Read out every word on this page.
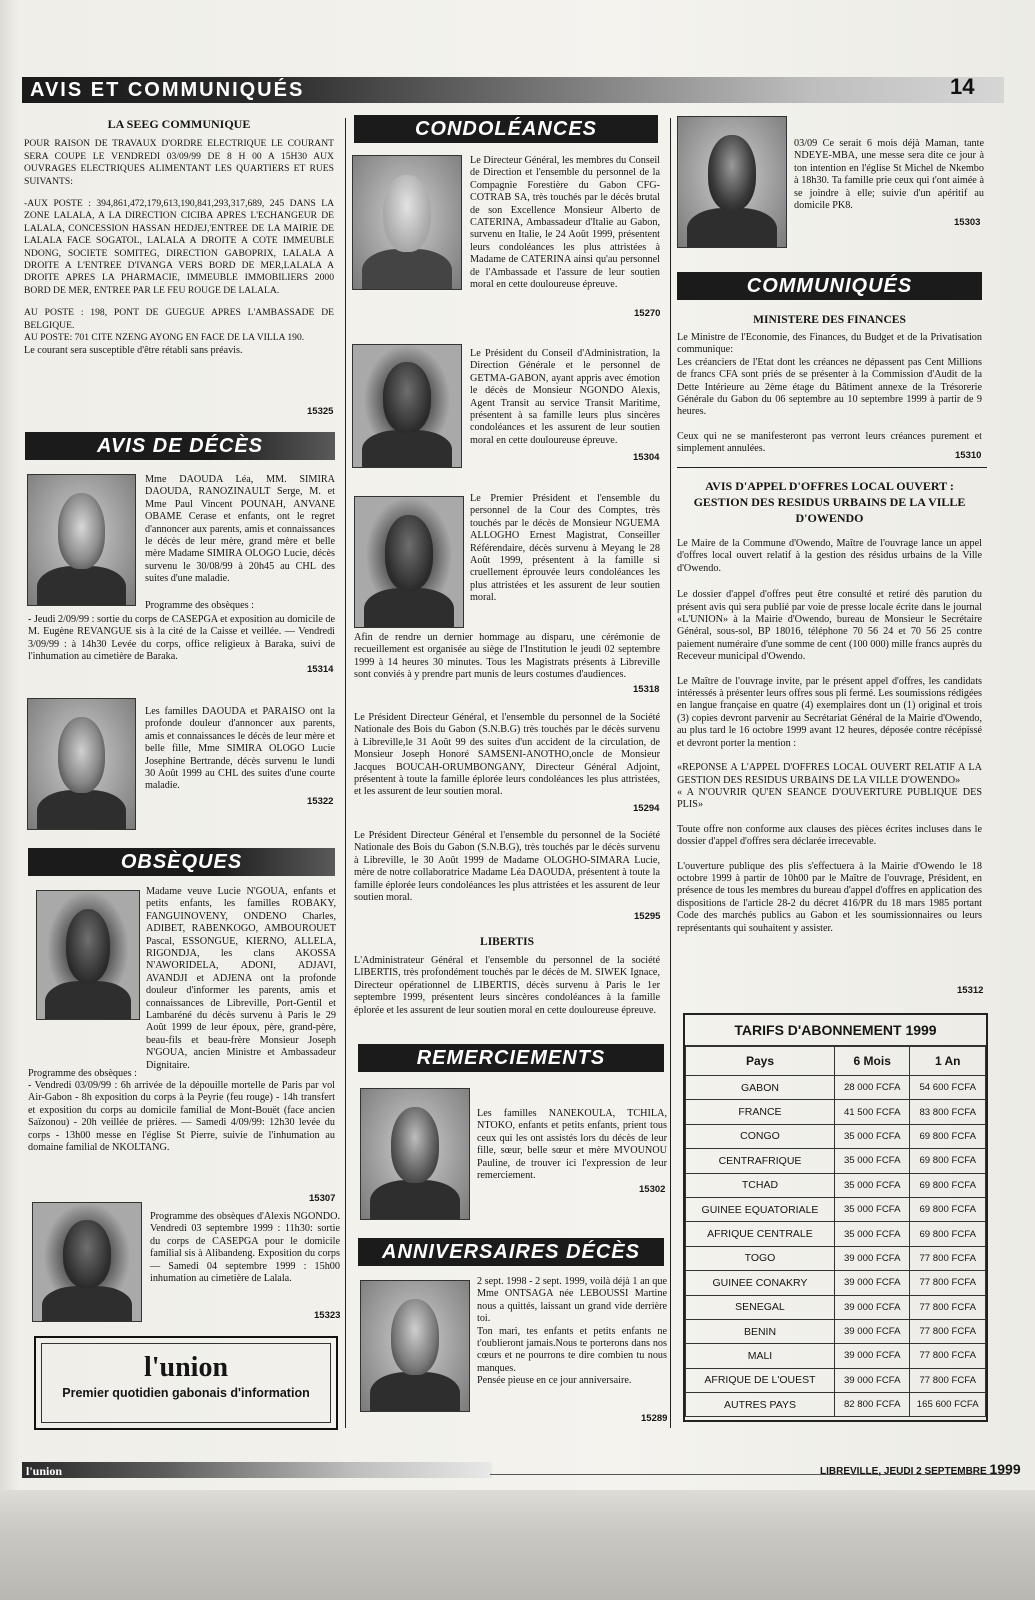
AVIS ET COMMUNIQUÉS	14

LA SEEG COMMUNIQUE

POUR RAISON DE TRAVAUX D'ORDRE ELECTRIQUE LE COURANT SERA COUPE LE VENDREDI 03/09/99 DE 8 H 00 A 15H30 AUX OUVRAGES ELECTRIQUES ALIMENTANT LES QUARTIERS ET RUES SUIVANTS:

-AUX POSTE : 394,861,472,179,613,190,841,293,317,689, 245 DANS LA ZONE LALALA, A LA DIRECTION CICIBA APRES L'ECHANGEUR DE LALALA, CONCESSION HASSAN HEDJEJ,'ENTREE DE LA MAIRIE DE LALALA FACE SOGATOL, LALALA A DROITE A COTE IMMEUBLE NDONG, SOCIETE SOMITEG, DIRECTION GABOPRIX, LALALA A DROITE A L'ENTREE D'IVANGA VERS BORD DE MER,LALALA A DROITE APRES LA PHARMACIE, IMMEUBLE IMMOBILIERS 2000 BORD DE MER, ENTREE PAR LE FEU ROUGE DE LALALA.

AU POSTE : 198, PONT DE GUEGUE APRES L'AMBASSADE DE BELGIQUE.

AU POSTE: 701 CITE NZENG AYONG EN FACE DE LA VILLA 190.

Le courant sera susceptible d'être rétabli sans préavis.

15325
AVIS DE DÉCÈS
Mme DAOUDA Léa, MM. SIMIRA DAOUDA, RANOZINAULT Serge, M. et Mme Paul Vincent POUNAH, ANVANE OBAME Cerase et enfants, ont le regret d'annoncer aux parents, amis et connaissances le décès de leur mère, grand mère et belle mère Madame SIMIRA OLOGO Lucie, décès survenu le 30/08/99 à 20h45 au CHL des suites d'une maladie.
Programme des obsèques :
- Jeudi 2/09/99 : sortie du corps de CASEPGA et exposition au domicile de M. Eugène REVANGUE sis à la cité de la Caisse et veillée. — Vendredi 3/09/99 : à 14h30 Levée du corps, office religieux à Baraka, suivi de l'inhumation au cimetière de Baraka.
15314
Les familles DAOUDA et PARAISO ont la profonde douleur d'annoncer aux parents, amis et connaissances le décès de leur mère et belle fille, Mme SIMIRA OLOGO Lucie Josephine Bertrande, décès survenu le lundi 30 Août 1999 au CHL des suites d'une courte maladie.
15322
OBSÈQUES
Madame veuve Lucie N'GOUA, enfants et petits enfants, les familles ROBAKY, FANGUINOVENY, ONDENO Charles, ADIBET, RABENKOGO, AMBOUROUET Pascal, ESSONGUE, KIERNO, ALLELA, RIGONDJA, les clans AKOSSA N'AWORIDELA, ADONI, ADJAVI, AVANDJI et ADJENA ont la profonde douleur d'informer les parents, amis et connaissances de Libreville, Port-Gentil et Lambaréné du décès survenu à Paris le 29 Août 1999 de leur époux, père, grand-père, beau-fils et beau-frère Monsieur Joseph N'GOUA, ancien Ministre et Ambassadeur Dignitaire.
Programme des obsèques :
- Vendredi 03/09/99 : 6h arrivée de la dépouille mortelle de Paris par vol Air-Gabon - 8h exposition du corps à la Peyrie (feu rouge) - 14h transfert et exposition du corps au domicile familial de Mont-Bouët (face ancien Saïzonou) - 20h veillée de prières. — Samedi 4/09/99: 12h30 levée du corps - 13h00 messe en l'église St Pierre, suivie de l'inhumation au domaine familial de NKOLTANG.
15307
Programme des obsèques d'Alexis NGONDO. Vendredi 03 septembre 1999 : 11h30: sortie du corps de CASEPGA pour le domicile familial sis à Alibandeng. Exposition du corps— Samedi 04 septembre 1999 : 15h00 inhumation au cimetière de Lalala.
15323
l'union
Premier quotidien gabonais d'information
CONDOLÉANCES

Le Directeur Général, les membres du Conseil de Direction et l'ensemble du personnel de la Compagnie Forestière du Gabon CFG-COTRAB SA, très touchés par le décès brutal de son Excellence Monsieur Alberto de CATERINA, Ambassadeur d'Italie au Gabon, survenu en Italie, le 24 Août 1999, présentent leurs condoléances les plus attristées à Madame de CATERINA ainsi qu'au personnel de l'Ambassade et l'assure de leur soutien moral en cette douloureuse épreuve.

15270
Le Président du Conseil d'Administration, la Direction Générale et le personnel de GETMA-GABON, ayant appris avec émotion le décès de Monsieur NGONDO Alexis, Agent Transit au service Transit Maritime, présentent à sa famille leurs plus sincères condoléances et les assurent de leur soutien moral en cette douloureuse épreuve.
15304
Le Premier Président et l'ensemble du personnel de la Cour des Comptes, très touchés par le décès de Monsieur NGUEMA ALLOGHO Ernest Magistrat, Conseiller Référendaire, décès survenu à Meyang le 28 Août 1999, présentent à la famille si cruellement éprouvée leurs condoléances les plus attristées et les assurent de leur soutien moral.
Afin de rendre un dernier hommage au disparu, une cérémonie de recueillement est organisée au siège de l'Institution le jeudi 02 septembre 1999 à 14 heures 30 minutes. Tous les Magistrats présents à Libreville sont conviés à y prendre part munis de leurs costumes d'audiences.
15318
Le Président Directeur Général, et l'ensemble du personnel de la Société Nationale des Bois du Gabon (S.N.B.G) très touchés par le décès survenu à Libreville,le 31 Août 99 des suites d'un accident de la circulation, de Monsieur Joseph Honoré SAMSENI-ANOTHO,oncle de Monsieur Jacques BOUCAH-ORUMBONGANY, Directeur Général Adjoint, présentent à toute la famille éplorée leurs condoléances les plus attristées, et les assurent de leur soutien moral.
15294
Le Président Directeur Général et l'ensemble du personnel de la Société Nationale des Bois du Gabon (S.N.B.G), très touchés par le décès survenu à Libreville, le 30 Août 1999 de Madame OLOGHO-SIMARA Lucie, mère de notre collaboratrice Madame Léa DAOUDA, présentent à toute la famille éplorée leurs condoléances les plus attristées et les assurent de leur soutien moral.
15295
LIBERTIS
L'Administrateur Général et l'ensemble du personnel de la société LIBERTIS, très profondément touchés par le décès de M. SIWEK Ignace, Directeur opérationnel de LIBERTIS, décès survenu à Paris le 1er septembre 1999, présentent leurs sincères condoléances à la famille éplorée et les assurent de leur soutien moral en cette douloureuse épreuve.
REMERCIEMENTS
Les familles NANEKOULA, TCHILA, NTOKO, enfants et petits enfants, prient tous ceux qui les ont assistés lors du décès de leur fille, sœur, belle sœur et mère MVOUNOU Pauline, de trouver ici l'expression de leur remerciement.
15302
ANNIVERSAIRES DÉCÈS

2 sept. 1998 - 2 sept. 1999, voilà déjà 1 an que Mme ONTSAGA née LEBOUSSI Martine nous a quittés, laissant un grand vide derrière toi.

Ton mari, tes enfants et petits enfants ne t'oublieront jamais.Nous te porterons dans nos cœurs et ne pourrons te dire combien tu nous manques.

Pensée pieuse en ce jour anniversaire.

15289
03/09 Ce serait 6 mois déjà Maman, tante NDEYE-MBA, une messe sera dite ce jour à ton intention en l'église St Michel de Nkembo à 18h30. Ta famille prie ceux qui t'ont aimée à se joindre à elle; suivie d'un apéritif au domicile PK8.
15303
COMMUNIQUÉS
MINISTERE DES FINANCES

Le Ministre de l'Economie, des Finances, du Budget et de la Privatisation communique:

Les créanciers de l'Etat dont les créances ne dépassent pas Cent Millions de francs CFA sont priés de se présenter à la Commission d'Audit de la Dette Intérieure au 2ème étage du Bâtiment annexe de la Trésorerie Générale du Gabon du 06 septembre au 10 septembre 1999 à partir de 9 heures.

Ceux qui ne se manifesteront pas verront leurs créances purement et simplement annulées.

15310
AVIS D'APPEL D'OFFRES LOCAL OUVERT : GESTION DES RESIDUS URBAINS DE LA VILLE D'OWENDO

Le Maire de la Commune d'Owendo, Maître de l'ouvrage lance un appel d'offres local ouvert relatif à la gestion des résidus urbains de la Ville d'Owendo.

Le dossier d'appel d'offres peut être consulté et retiré dès parution du présent avis qui sera publié par voie de presse locale écrite dans le journal «L'UNION» à la Mairie d'Owendo, bureau de Monsieur le Secrétaire Général, sous-sol, BP 18016, téléphone 70 56 24 et 70 56 25 contre paiement numéraire d'une somme de cent (100 000) mille francs auprès du Receveur municipal d'Owendo.

Le Maître de l'ouvrage invite, par le présent appel d'offres, les candidats intéressés à présenter leurs offres sous pli fermé. Les soumissions rédigées en langue française en quatre (4) exemplaires dont un (1) original et trois (3) copies devront parvenir au Secrétariat Général de la Mairie d'Owendo, au plus tard le 16 octobre 1999 avant 12 heures, déposée contre récépissé et devront porter la mention :

«REPONSE A L'APPEL D'OFFRES LOCAL OUVERT RELATIF A LA GESTION DES RESIDUS URBAINS DE LA VILLE D'OWENDO»

« A N'OUVRIR QU'EN SEANCE D'OUVERTURE PUBLIQUE DES PLIS»

Toute offre non conforme aux clauses des pièces écrites incluses dans le dossier d'appel d'offres sera déclarée irrecevable.

L'ouverture publique des plis s'effectuera à la Mairie d'Owendo le 18 octobre 1999 à partir de 10h00 par le Maître de l'ouvrage, Président, en présence de tous les membres du bureau d'appel d'offres en application des dispositions de l'article 28-2 du décret 416/PR du 18 mars 1985 portant Code des marchés publics au Gabon et les soumissionnaires ou leurs représentants qui souhaitent y assister.

15312
TARIFS D'ABONNEMENT 1999
Pays	6 Mois	1 An
GABON	28 000 FCFA	54 600 FCFA
FRANCE	41 500 FCFA	83 800 FCFA
CONGO	35 000 FCFA	69 800 FCFA
CENTRAFRIQUE	35 000 FCFA	69 800 FCFA
TCHAD	35 000 FCFA	69 800 FCFA
GUINEE EQUATORIALE	35 000 FCFA	69 800 FCFA
AFRIQUE CENTRALE	35 000 FCFA	69 800 FCFA
TOGO	39 000 FCFA	77 800 FCFA
GUINEE CONAKRY	39 000 FCFA	77 800 FCFA
SENEGAL	39 000 FCFA	77 800 FCFA
BENIN	39 000 FCFA	77 800 FCFA
MALI	39 000 FCFA	77 800 FCFA
AFRIQUE DE L'OUEST	39 000 FCFA	77 800 FCFA
AUTRES PAYS	82 800 FCFA	165 600 FCFA
l'union	LIBREVILLE, JEUDI 2 SEPTEMBRE 1999
